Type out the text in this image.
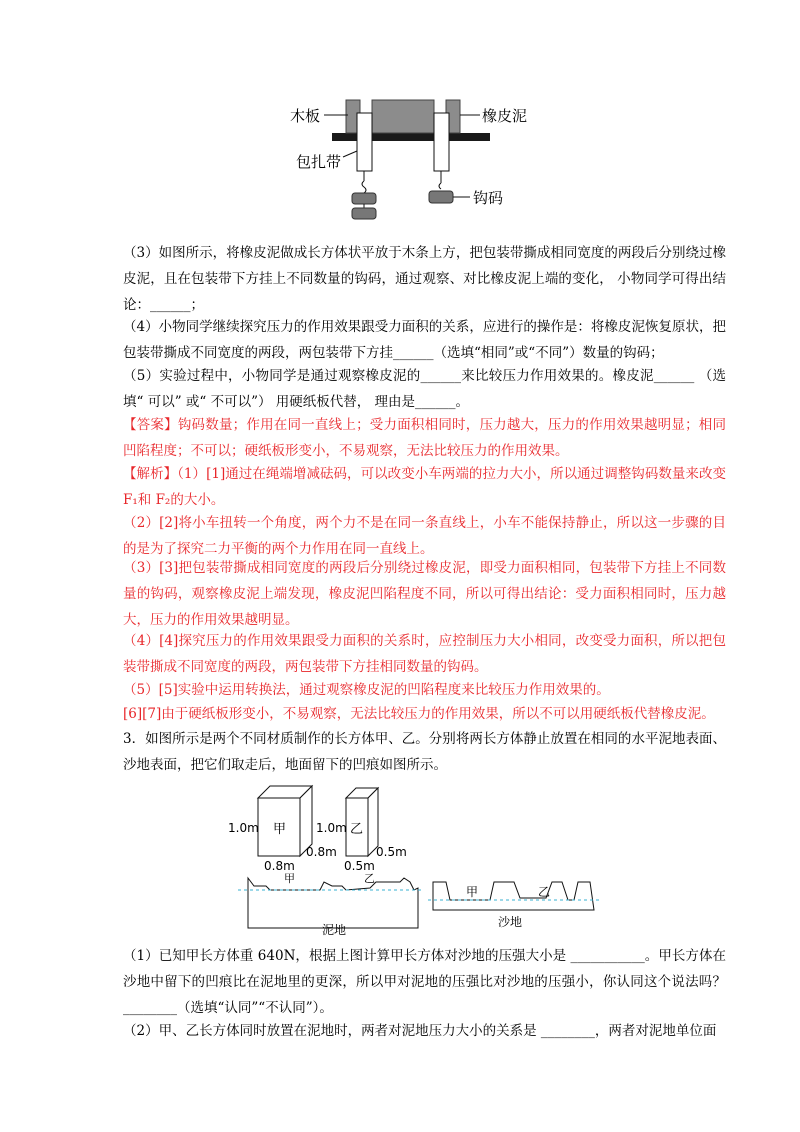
木板	橡皮泥
包扎带
钩码

（3）如图所示，将橡皮泥做成长方体状平放于木条上方，把包装带撕成相同宽度的两段后分别绕过橡皮泥，且在包装带下方挂上不同数量的钩码，通过观察、对比橡皮泥上端的变化， 小物同学可得出结论：______；

（4）小物同学继续探究压力的作用效果跟受力面积的关系，应进行的操作是：将橡皮泥恢复原状，把包装带撕成不同宽度的两段，两包装带下方挂______（选填“相同”或“不同”）数量的钩码；

（5）实验过程中，小物同学是通过观察橡皮泥的______来比较压力作用效果的。橡皮泥______ （选填“ 可以” 或“ 不可以”） 用硬纸板代替， 理由是______。

【答案】钩码数量；作用在同一直线上；受力面积相同时，压力越大，压力的作用效果越明显；相同凹陷程度；不可以；硬纸板形变小，不易观察，无法比较压力的作用效果。

【解析】（1）[1]通过在绳端增减砝码，可以改变小车两端的拉力大小，所以通过调整钩码数量来改变 F₁和 F₂的大小。

（2）[2]将小车扭转一个角度，两个力不是在同一条直线上，小车不能保持静止，所以这一步骤的目的是为了探究二力平衡的两个力作用在同一直线上。

（3）[3]把包装带撕成相同宽度的两段后分别绕过橡皮泥，即受力面积相同，包装带下方挂上不同数量的钩码，观察橡皮泥上端发现，橡皮泥凹陷程度不同，所以可得出结论：受力面积相同时，压力越大，压力的作用效果越明显。

（4）[4]探究压力的作用效果跟受力面积的关系时，应控制压力大小相同，改变受力面积，所以把包装带撕成不同宽度的两段，两包装带下方挂相同数量的钩码。

（5）[5]实验中运用转换法，通过观察橡皮泥的凹陷程度来比较压力作用效果的。

[6][7]由于硬纸板形变小，不易观察，无法比较压力的作用效果，所以不可以用硬纸板代替橡皮泥。

3．如图所示是两个不同材质制作的长方体甲、乙。分别将两长方体静止放置在相同的水平泥地表面、沙地表面，把它们取走后，地面留下的凹痕如图所示。

甲
1.0m
0.8m
0.8m
乙
1.0m
0.5m
0.5m
甲	乙
泥地
甲	乙
沙地

（1）已知甲长方体重 640N，根据上图计算甲长方体对沙地的压强大小是 ___________。甲长方体在沙地中留下的凹痕比在泥地里的更深，所以甲对泥地的压强比对沙地的压强小，你认同这个说法吗？________（选填“认同”“不认同”）。

（2）甲、乙长方体同时放置在泥地时，两者对泥地压力大小的关系是 ________，两者对泥地单位面
